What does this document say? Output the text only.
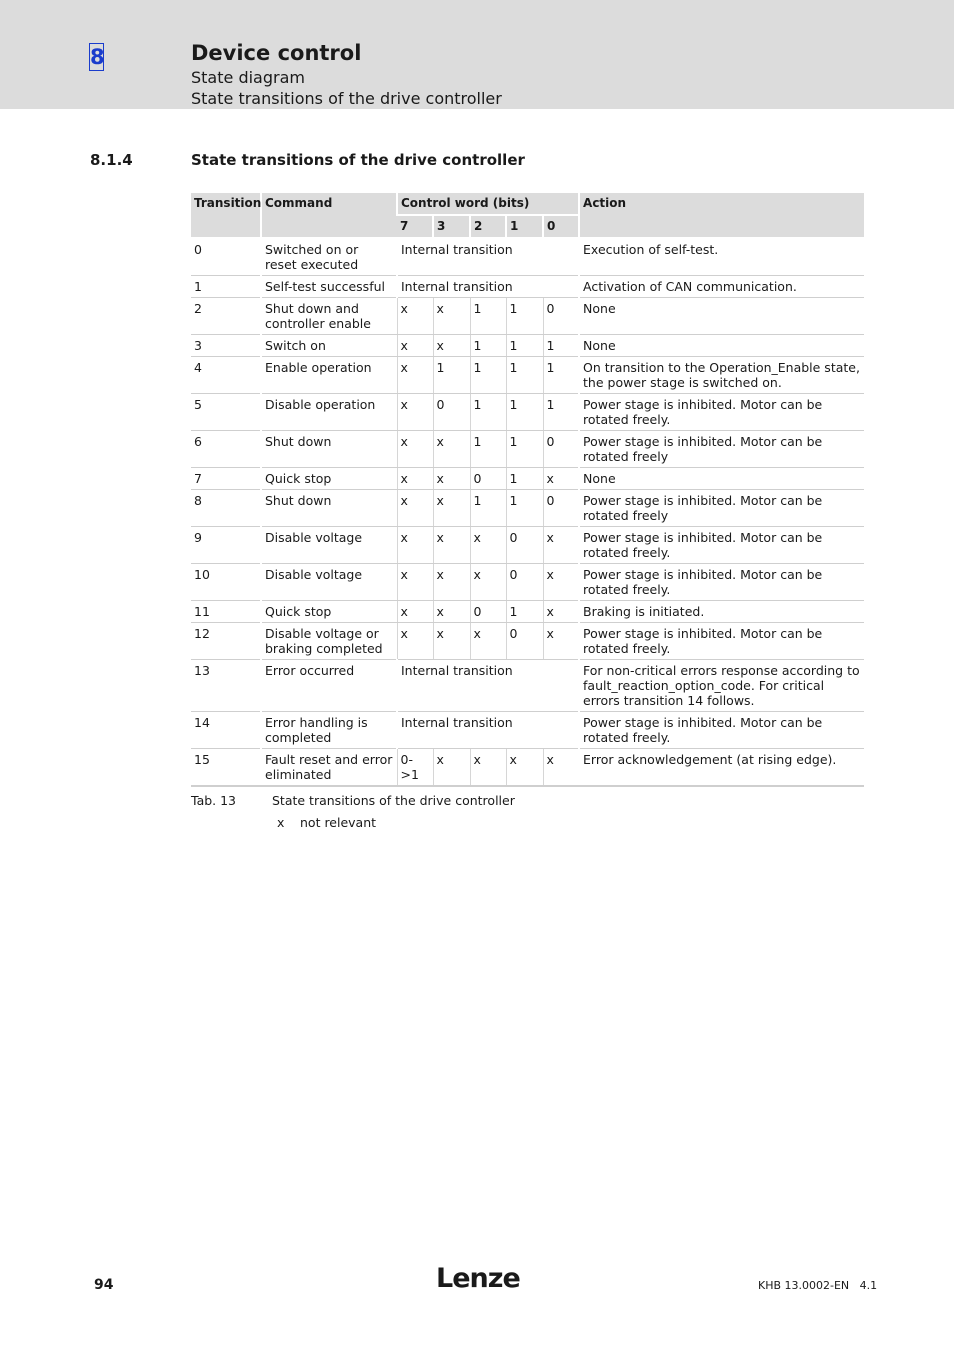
8	Device control
State diagram
State transitions of the drive controller
8.1.4	State transitions of the drive controller
Transition	Command	Control word (bits)					Action
		7	3	2	1	0	
0	Switched on or reset executed	Internal transition					Execution of self-test.
1	Self-test successful	Internal transition					Activation of CAN communication.
2	Shut down and controller enable	x	x	1	1	0	None
3	Switch on	x	x	1	1	1	None
4	Enable operation	x	1	1	1	1	On transition to the Operation_Enable state, the power stage is switched on.
5	Disable operation	x	0	1	1	1	Power stage is inhibited. Motor can be rotated freely.
6	Shut down	x	x	1	1	0	Power stage is inhibited. Motor can be rotated freely
7	Quick stop	x	x	0	1	x	None
8	Shut down	x	x	1	1	0	Power stage is inhibited. Motor can be rotated freely
9	Disable voltage	x	x	x	0	x	Power stage is inhibited. Motor can be rotated freely.
10	Disable voltage	x	x	x	0	x	Power stage is inhibited. Motor can be rotated freely.
11	Quick stop	x	x	0	1	x	Braking is initiated.
12	Disable voltage or braking completed	x	x	x	0	x	Power stage is inhibited. Motor can be rotated freely.
13	Error occurred	Internal transition					For non-critical errors response according to fault_reaction_option_code. For critical errors transition 14 follows.
14	Error handling is completed	Internal transition					Power stage is inhibited. Motor can be rotated freely.
15	Fault reset and error eliminated	0->1	x	x	x	x	Error acknowledgement (at rising edge).
Tab. 13	State transitions of the drive controller
x not relevant
94	Lenze	KHB 13.0002-EN   4.1
